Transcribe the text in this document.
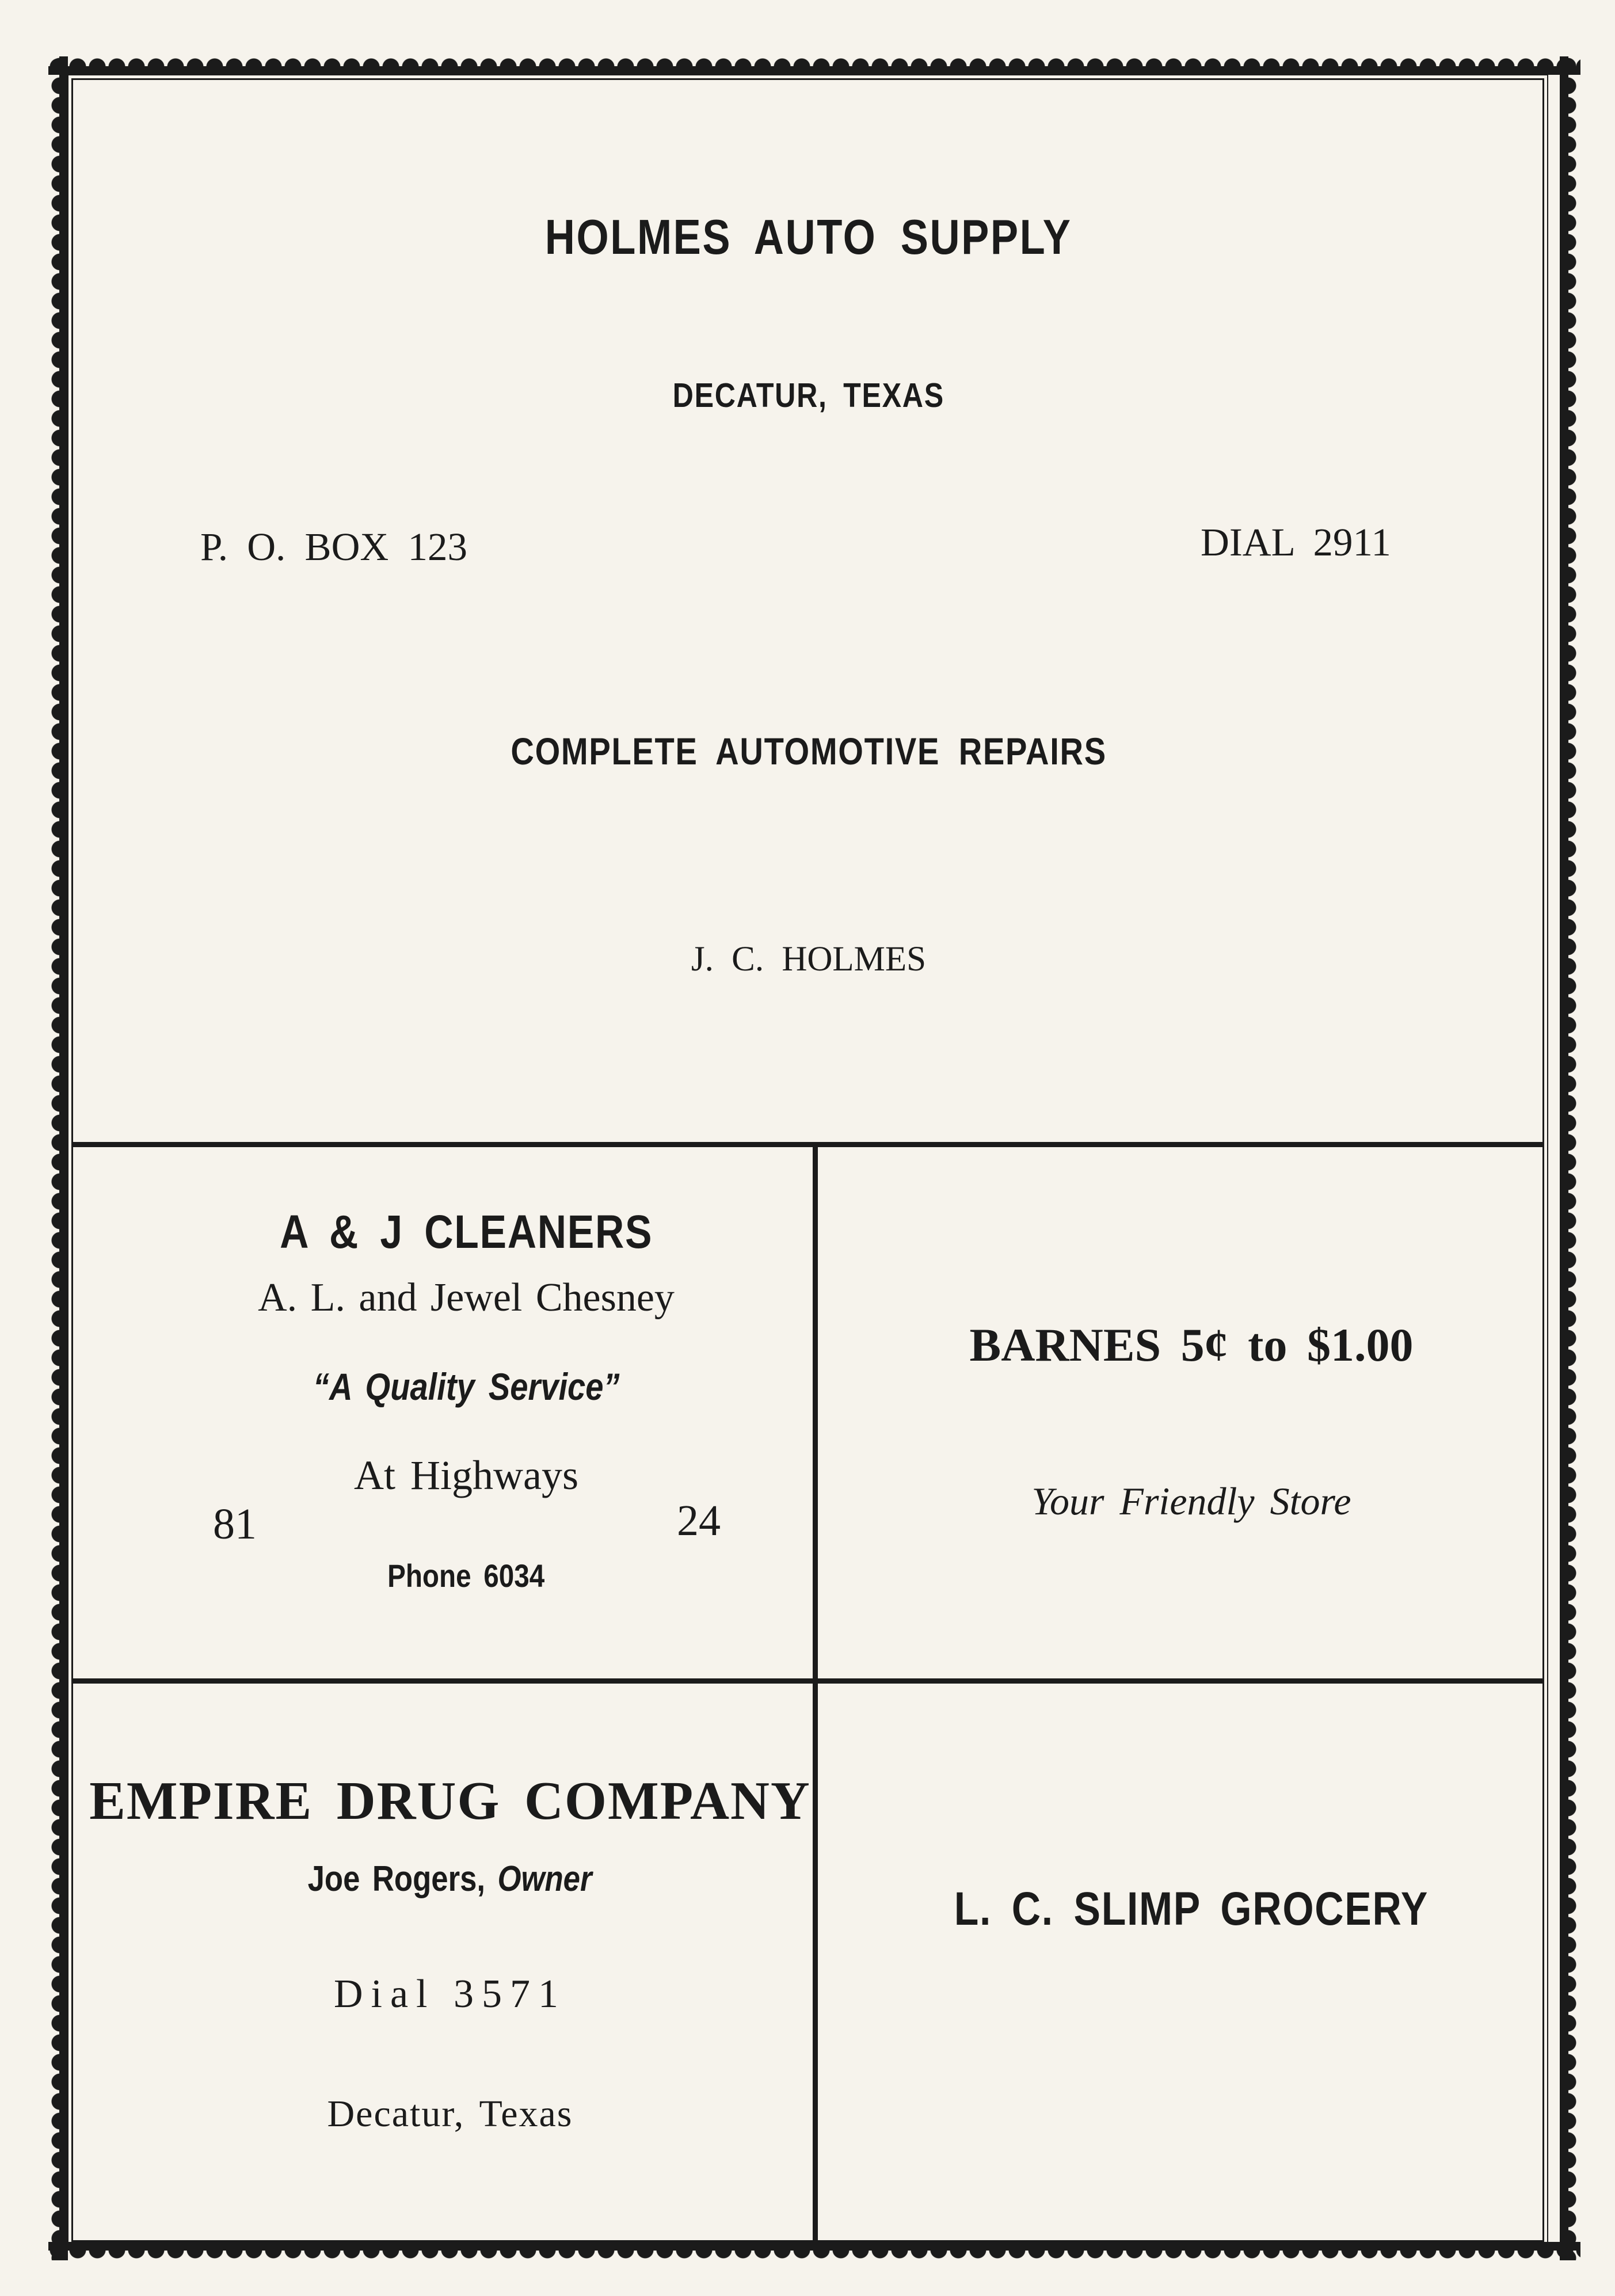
HOLMES AUTO SUPPLY
DECATUR, TEXAS
P. O. BOX 123	DIAL 2911
COMPLETE AUTOMOTIVE REPAIRS
J. C. HOLMES
A & J CLEANERS
A. L. and Jewel Chesney
“A Quality Service”
At Highways
81	24
Phone 6034
BARNES 5¢ to $1.00
Your Friendly Store
EMPIRE DRUG COMPANY
Joe Rogers, Owner
Dial 3571
Decatur, Texas
L. C. SLIMP GROCERY
